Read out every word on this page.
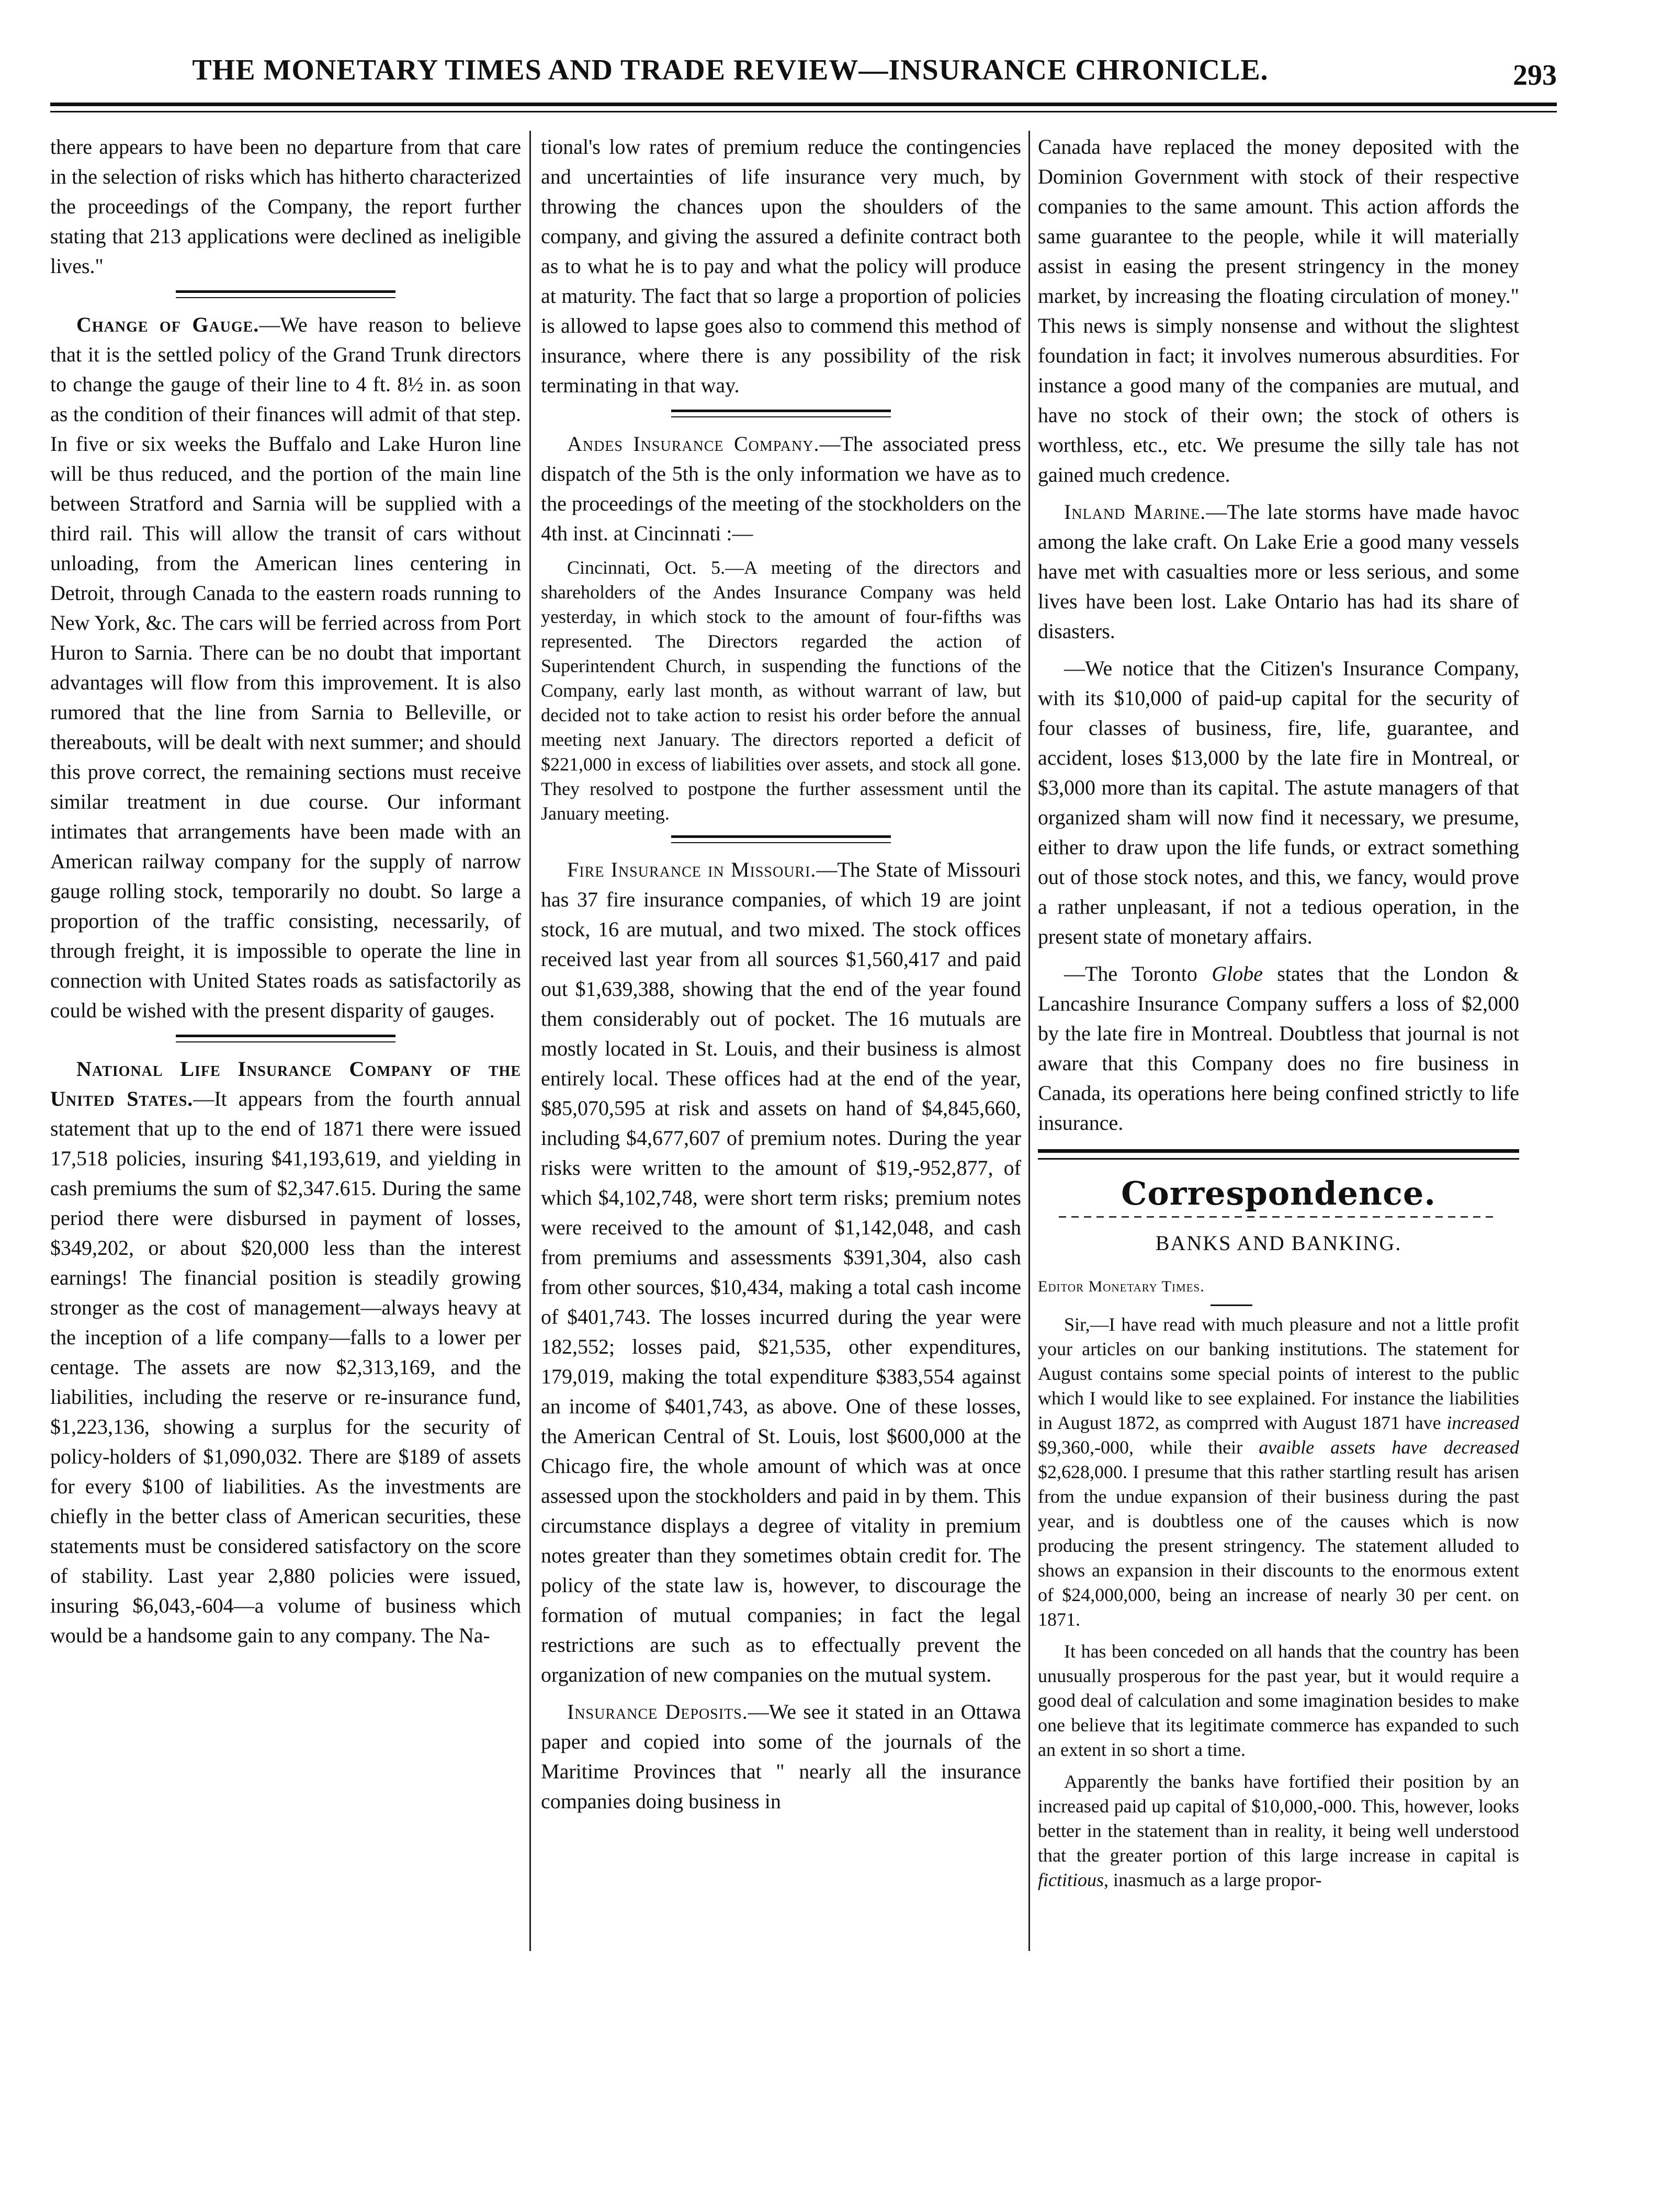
THE MONETARY TIMES AND TRADE REVIEW—INSURANCE CHRONICLE.	293

there appears to have been no departure from that care in the selection of risks which has hitherto characterized the proceedings of the Company, the report further stating that 213 applications were declined as ineligible lives."

Change of Gauge.—We have reason to believe that it is the settled policy of the Grand Trunk directors to change the gauge of their line to 4 ft. 8½ in. as soon as the condition of their finances will admit of that step. In five or six weeks the Buffalo and Lake Huron line will be thus reduced, and the portion of the main line between Stratford and Sarnia will be supplied with a third rail. This will allow the transit of cars without unloading, from the American lines centering in Detroit, through Canada to the eastern roads running to New York, &c. The cars will be ferried across from Port Huron to Sarnia. There can be no doubt that important advantages will flow from this improvement. It is also rumored that the line from Sarnia to Belleville, or thereabouts, will be dealt with next summer; and should this prove correct, the remaining sections must receive similar treatment in due course. Our informant intimates that arrangements have been made with an American railway company for the supply of narrow gauge rolling stock, temporarily no doubt. So large a proportion of the traffic consisting, necessarily, of through freight, it is impossible to operate the line in connection with United States roads as satisfactorily as could be wished with the present disparity of gauges.

National Life Insurance Company of the United States.—It appears from the fourth annual statement that up to the end of 1871 there were issued 17,518 policies, insuring $41,193,619, and yielding in cash premiums the sum of $2,347.615. During the same period there were disbursed in payment of losses, $349,202, or about $20,000 less than the interest earnings! The financial position is steadily growing stronger as the cost of management—always heavy at the inception of a life company—falls to a lower per centage. The assets are now $2,313,169, and the liabilities, including the reserve or re-insurance fund, $1,223,136, showing a surplus for the security of policy-holders of $1,090,032. There are $189 of assets for every $100 of liabilities. As the investments are chiefly in the better class of American securities, these statements must be considered satisfactory on the score of stability. Last year 2,880 policies were issued, insuring $6,043,-604—a volume of business which would be a handsome gain to any company. The Na-

tional's low rates of premium reduce the contingencies and uncertainties of life insurance very much, by throwing the chances upon the shoulders of the company, and giving the assured a definite contract both as to what he is to pay and what the policy will produce at maturity. The fact that so large a proportion of policies is allowed to lapse goes also to commend this method of insurance, where there is any possibility of the risk terminating in that way.

Andes Insurance Company.—The associated press dispatch of the 5th is the only information we have as to the proceedings of the meeting of the stockholders on the 4th inst. at Cincinnati :—

Cincinnati, Oct. 5.—A meeting of the directors and shareholders of the Andes Insurance Company was held yesterday, in which stock to the amount of four-fifths was represented. The Directors regarded the action of Superintendent Church, in suspending the functions of the Company, early last month, as without warrant of law, but decided not to take action to resist his order before the annual meeting next January. The directors reported a deficit of $221,000 in excess of liabilities over assets, and stock all gone. They resolved to postpone the further assessment until the January meeting.

Fire Insurance in Missouri.—The State of Missouri has 37 fire insurance companies, of which 19 are joint stock, 16 are mutual, and two mixed. The stock offices received last year from all sources $1,560,417 and paid out $1,639,388, showing that the end of the year found them considerably out of pocket. The 16 mutuals are mostly located in St. Louis, and their business is almost entirely local. These offices had at the end of the year, $85,070,595 at risk and assets on hand of $4,845,660, including $4,677,607 of premium notes. During the year risks were written to the amount of $19,-952,877, of which $4,102,748, were short term risks; premium notes were received to the amount of $1,142,048, and cash from premiums and assessments $391,304, also cash from other sources, $10,434, making a total cash income of $401,743. The losses incurred during the year were 182,552; losses paid, $21,535, other expenditures, 179,019, making the total expenditure $383,554 against an income of $401,743, as above. One of these losses, the American Central of St. Louis, lost $600,000 at the Chicago fire, the whole amount of which was at once assessed upon the stockholders and paid in by them. This circumstance displays a degree of vitality in premium notes greater than they sometimes obtain credit for. The policy of the state law is, however, to discourage the formation of mutual companies; in fact the legal restrictions are such as to effectually prevent the organization of new companies on the mutual system.

Insurance Deposits.—We see it stated in an Ottawa paper and copied into some of the journals of the Maritime Provinces that " nearly all the insurance companies doing business in

Canada have replaced the money deposited with the Dominion Government with stock of their respective companies to the same amount. This action affords the same guarantee to the people, while it will materially assist in easing the present stringency in the money market, by increasing the floating circulation of money." This news is simply nonsense and without the slightest foundation in fact; it involves numerous absurdities. For instance a good many of the companies are mutual, and have no stock of their own; the stock of others is worthless, etc., etc. We presume the silly tale has not gained much credence.

Inland Marine.—The late storms have made havoc among the lake craft. On Lake Erie a good many vessels have met with casualties more or less serious, and some lives have been lost. Lake Ontario has had its share of disasters.

—We notice that the Citizen's Insurance Company, with its $10,000 of paid-up capital for the security of four classes of business, fire, life, guarantee, and accident, loses $13,000 by the late fire in Montreal, or $3,000 more than its capital. The astute managers of that organized sham will now find it necessary, we presume, either to draw upon the life funds, or extract something out of those stock notes, and this, we fancy, would prove a rather unpleasant, if not a tedious operation, in the present state of monetary affairs.

—The Toronto Globe states that the London & Lancashire Insurance Company suffers a loss of $2,000 by the late fire in Montreal. Doubtless that journal is not aware that this Company does no fire business in Canada, its operations here being confined strictly to life insurance.

Correspondence.
BANKS AND BANKING.
Editor Monetary Times.

Sir,—I have read with much pleasure and not a little profit your articles on our banking institutions. The statement for August contains some special points of interest to the public which I would like to see explained. For instance the liabilities in August 1872, as comprred with August 1871 have increased $9,360,-000, while their avaible assets have decreased $2,628,000. I presume that this rather startling result has arisen from the undue expansion of their business during the past year, and is doubtless one of the causes which is now producing the present stringency. The statement alluded to shows an expansion in their discounts to the enormous extent of $24,000,000, being an increase of nearly 30 per cent. on 1871.

It has been conceded on all hands that the country has been unusually prosperous for the past year, but it would require a good deal of calculation and some imagination besides to make one believe that its legitimate commerce has expanded to such an extent in so short a time.

Apparently the banks have fortified their position by an increased paid up capital of $10,000,-000. This, however, looks better in the statement than in reality, it being well understood that the greater portion of this large increase in capital is fictitious, inasmuch as a large propor-
